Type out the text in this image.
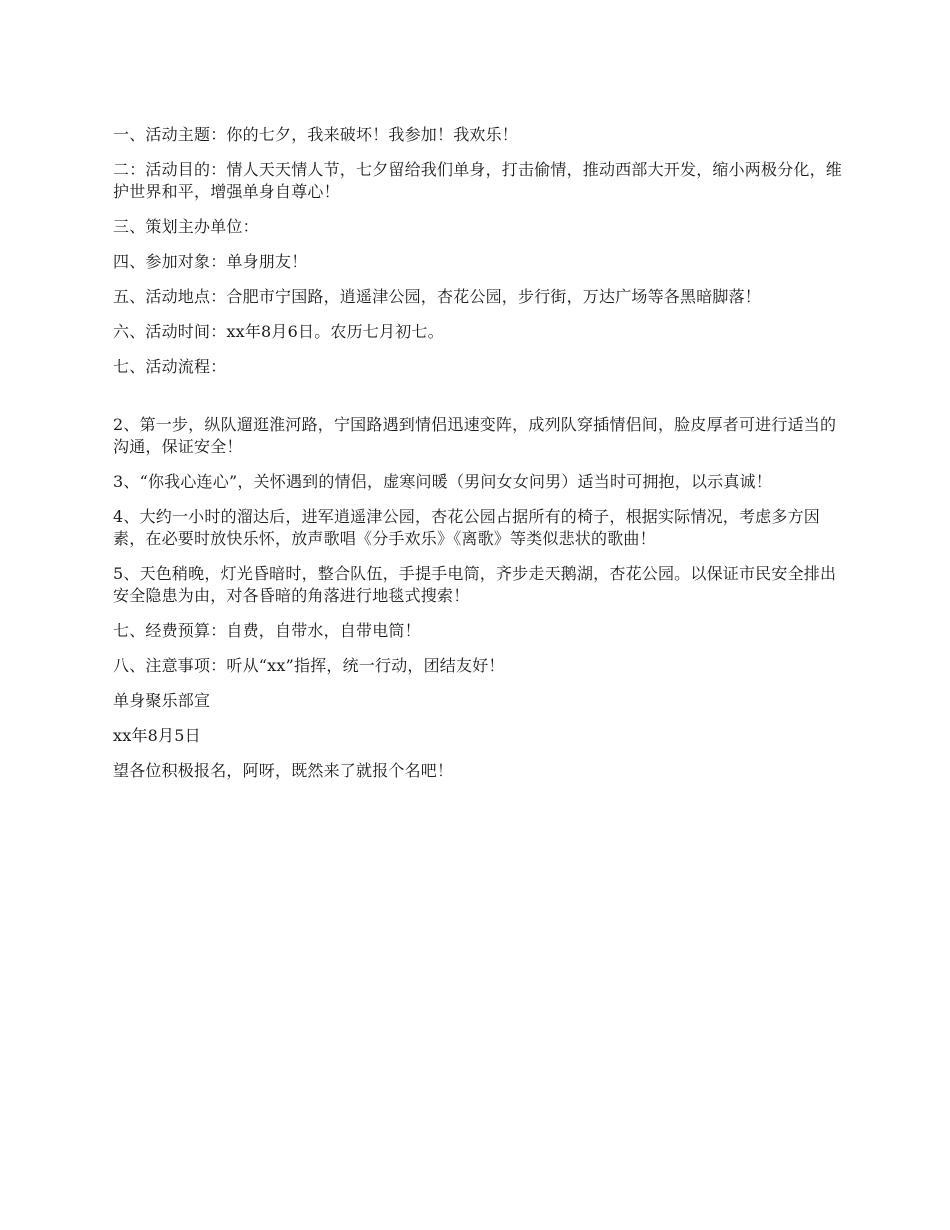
一、活动主题：你的七夕，我来破坏！我参加！我欢乐！

二：活动目的：情人天天情人节，七夕留给我们单身，打击偷情，推动西部大开发，缩小两极分化，维护世界和平，增强单身自尊心！

三、策划主办单位：

四、参加对象：单身朋友！

五、活动地点：合肥市宁国路，逍遥津公园，杏花公园，步行街，万达广场等各黑暗脚落！

六、活动时间：xx年8月6日。农历七月初七。

七、活动流程：

2、第一步，纵队遛逛淮河路，宁国路遇到情侣迅速变阵，成列队穿插情侣间，脸皮厚者可进行适当的沟通，保证安全！

3、“你我心连心”，关怀遇到的情侣，虚寒问暖（男问女女问男）适当时可拥抱，以示真诚！

4、大约一小时的溜达后，进军逍遥津公园，杏花公园占据所有的椅子，根据实际情况，考虑多方因素，在必要时放快乐怀，放声歌唱《分手欢乐》《离歌》等类似悲状的歌曲！

5、天色稍晚，灯光昏暗时，整合队伍，手提手电筒，齐步走天鹅湖，杏花公园。以保证市民安全排出安全隐患为由，对各昏暗的角落进行地毯式搜索！

七、经费预算：自费，自带水，自带电筒！

八、注意事项：听从“xx”指挥，统一行动，团结友好！

单身聚乐部宣

xx年8月5日

望各位积极报名，阿呀，既然来了就报个名吧！
